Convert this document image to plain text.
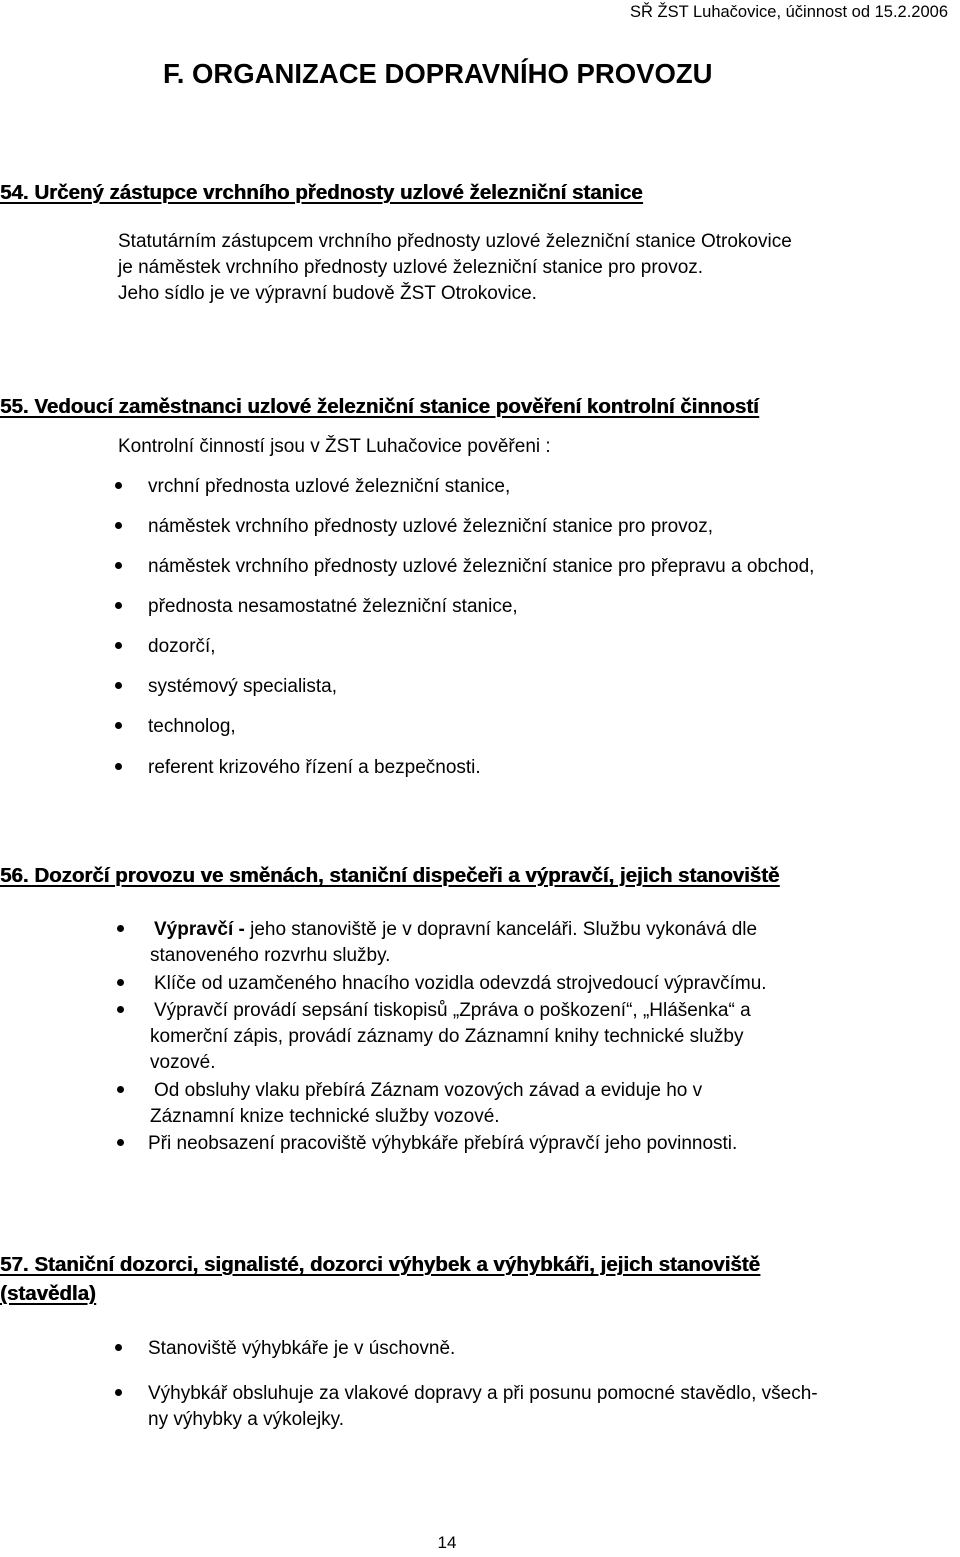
SŘ ŽST Luhačovice, účinnost od 15.2.2006
F. ORGANIZACE DOPRAVNÍHO PROVOZU
54. Určený zástupce vrchního přednosty uzlové železniční stanice
Statutárním zástupcem vrchního přednosty uzlové železniční stanice Otrokovice
je náměstek vrchního přednosty uzlové železniční stanice pro provoz.
Jeho sídlo je ve výpravní budově ŽST Otrokovice.
55. Vedoucí zaměstnanci uzlové železniční stanice pověření kontrolní činností
Kontrolní činností jsou v ŽST Luhačovice pověřeni :
vrchní přednosta uzlové železniční stanice,
náměstek vrchního přednosty uzlové železniční stanice pro provoz,
náměstek vrchního přednosty uzlové železniční stanice pro přepravu a obchod,
přednosta nesamostatné železniční stanice,
dozorčí,
systémový specialista,
technolog,
referent krizového řízení a bezpečnosti.
56. Dozorčí provozu ve směnách, staniční dispečeři a výpravčí, jejich stanoviště
Výpravčí - jeho stanoviště je v dopravní kanceláři. Službu vykonává dle
stanoveného rozvrhu služby.
Klíče od uzamčeného hnacího vozidla odevzdá strojvedoucí výpravčímu.
Výpravčí provádí sepsání tiskopisů „Zpráva o poškození“, „Hlášenka“ a
komerční zápis, provádí záznamy do Záznamní knihy technické služby
vozové.
Od obsluhy vlaku přebírá Záznam vozových závad a eviduje ho v
Záznamní knize technické služby vozové.
Při neobsazení pracoviště výhybkáře přebírá výpravčí jeho povinnosti.
57. Staniční dozorci, signalisté, dozorci výhybek a výhybkáři, jejich stanoviště
(stavědla)
Stanoviště výhybkáře je v úschovně.
Výhybkář obsluhuje za vlakové dopravy a při posunu pomocné stavědlo, všech-
ny výhybky a výkolejky.
14
